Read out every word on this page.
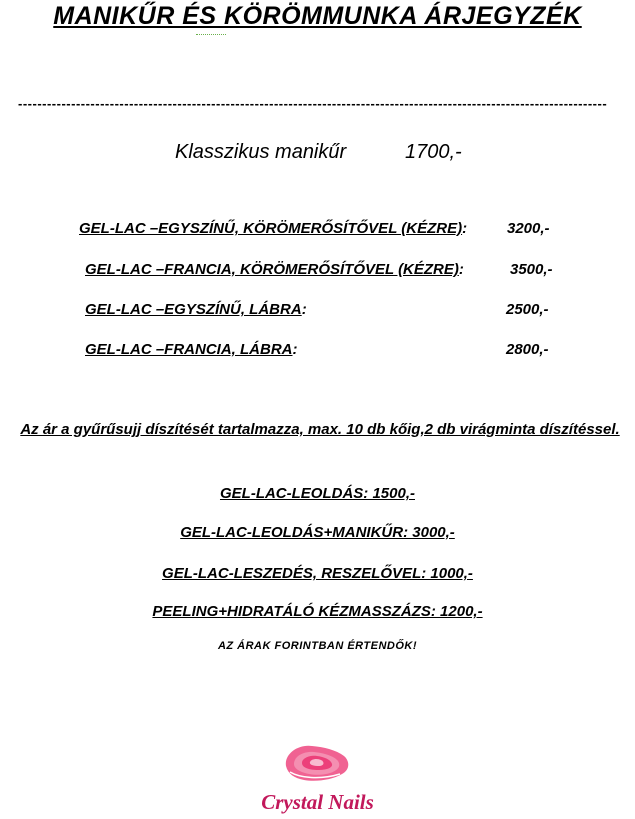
MANIKŰR ÉS KÖRÖMMUNKA ÁRJEGYZÉK
--------------------------------------------------------------------------------------------------------------------------
Klasszikus manikűr	1700,-
GEL-LAC –EGYSZÍNŰ, KÖRÖMERŐSÍTŐVEL (KÉZRE):	3200,-
GEL-LAC –FRANCIA, KÖRÖMERŐSÍTŐVEL (KÉZRE):	3500,-
GEL-LAC –EGYSZÍNŰ, LÁBRA:	2500,-
GEL-LAC –FRANCIA, LÁBRA:	2800,-
Az ár a gyűrűsujj díszítését tartalmazza, max. 10 db kőig,2 db virágminta díszítéssel.
GEL-LAC-LEOLDÁS: 1500,-
GEL-LAC-LEOLDÁS+MANIKŰR: 3000,-
GEL-LAC-LESZEDÉS, RESZELŐVEL: 1000,-
PEELING+HIDRATÁLÓ KÉZMASSZÁZS: 1200,-
AZ ÁRAK FORINTBAN ÉRTENDŐK!
Crystal Nails
